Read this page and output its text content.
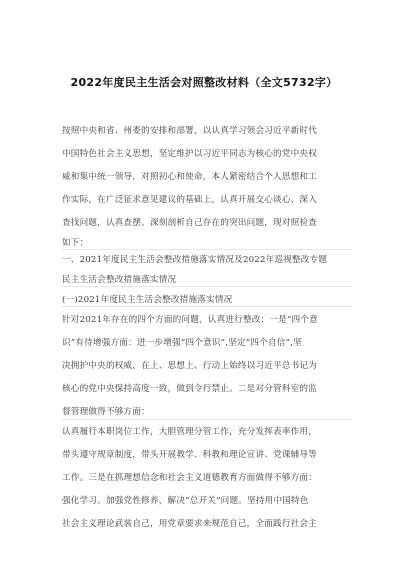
2022年度民主生活会对照整改材料（全文5732字）
按照中央和省、州委的安排和部署，以认真学习领会习近平新时代
中国特色社会主义思想，坚定维护以习近平同志为核心的党中央权
威和集中统一领导，对照初心和使命，本人紧密结合个人思想和工
作实际，在广泛征求意见建议的基础上，认真开展交心谈心、深入
查找问题，认真查摆、深刻剖析自己存在的突出问题，现对照检查
如下：
一、2021年度民主生活会整改措施落实情况及2022年巡视整改专题
民主生活会整改措施落实情况
(一)2021年度民主生活会整改措施落实情况
针对2021年存在的四个方面的问题，认真进行整改：一是“四个意
识”有待增强方面：进一步增强“四个意识”,坚定“四个自信”,坚
决拥护中央的权威，在上、思想上、行动上始终以习近平总书记为
核心的党中央保持高度一致，做到令行禁止。二是对分管科室的监
督管理做得不够方面：
认真履行本职岗位工作，大胆管理分管工作，充分发挥表率作用，
带头遵守规章制度，带头开展教学、科教和理论宣讲、党课辅导等
工作。三是在抓理想信念和社会主义道德教育方面做得不够方面：
强化学习、加强党性修养，解决“总开关”问题。坚持用中国特色
社会主义理论武装自己，用党章要求来规范自己，全面践行社会主
